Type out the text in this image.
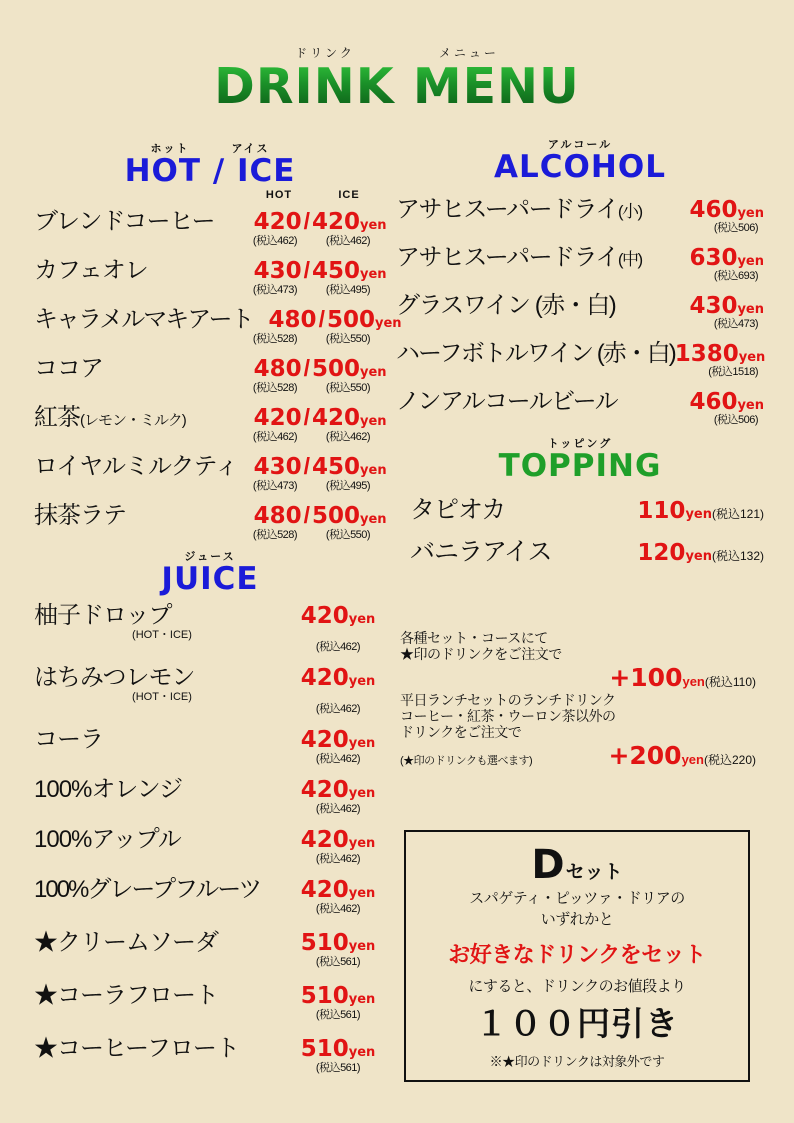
ドリンク	メニュー
DRINK MENU
ホット	アイス
HOT / ICE
HOT	ICE
ブレンドコーヒー	420 / 420yen
(税込462)	(税込462)
カフェオレ	430 / 450yen
(税込473)	(税込495)
キャラメルマキアート 480 / 500yen
(税込528)	(税込550)
ココア	480 / 500yen
(税込528)	(税込550)
紅茶(レモン・ミルク)	420 / 420yen
(税込462)	(税込462)
ロイヤルミルクティ 430 / 450yen
(税込473)	(税込495)
抹茶ラテ	480 / 500yen
(税込528)	(税込550)
ジュース
JUICE
柚子ドロップ
(HOT・ICE)
420yen
(税込462)
はちみつレモン
(HOT・ICE)
420yen
(税込462)
コーラ	420yen
(税込462)
100%オレンジ	420yen
(税込462)
100%アップル	420yen
(税込462)
100%グレープフルーツ	420yen
(税込462)
★クリームソーダ	510yen
(税込561)
★コーラフロート	510yen
(税込561)
★コーヒーフロート	510yen
(税込561)
アルコール
ALCOHOL
アサヒスーパードライ(小)	460yen
(税込506)
アサヒスーパードライ(中)	630yen
(税込693)
グラスワイン (赤・白)	430yen
(税込473)
ハーフボトルワイン (赤・白) 1380yen
(税込1518)
ノンアルコールビール	460yen
(税込506)
トッピング
TOPPING
タピオカ	110yen(税込121)
バニラアイス	120yen(税込132)
各種セット・コースにて
★印のドリンクをご注文で
+100yen(税込110)
平日ランチセットのランチドリンク
コーヒー・紅茶・ウーロン茶以外の
ドリンクをご注文で
(★印のドリンクも選べます)	+200yen(税込220)
Dセット
スパゲティ・ピッツァ・ドリアの
いずれかと
お好きなドリンクをセット
にすると、ドリンクのお値段より
１００円引き
※★印のドリンクは対象外です
